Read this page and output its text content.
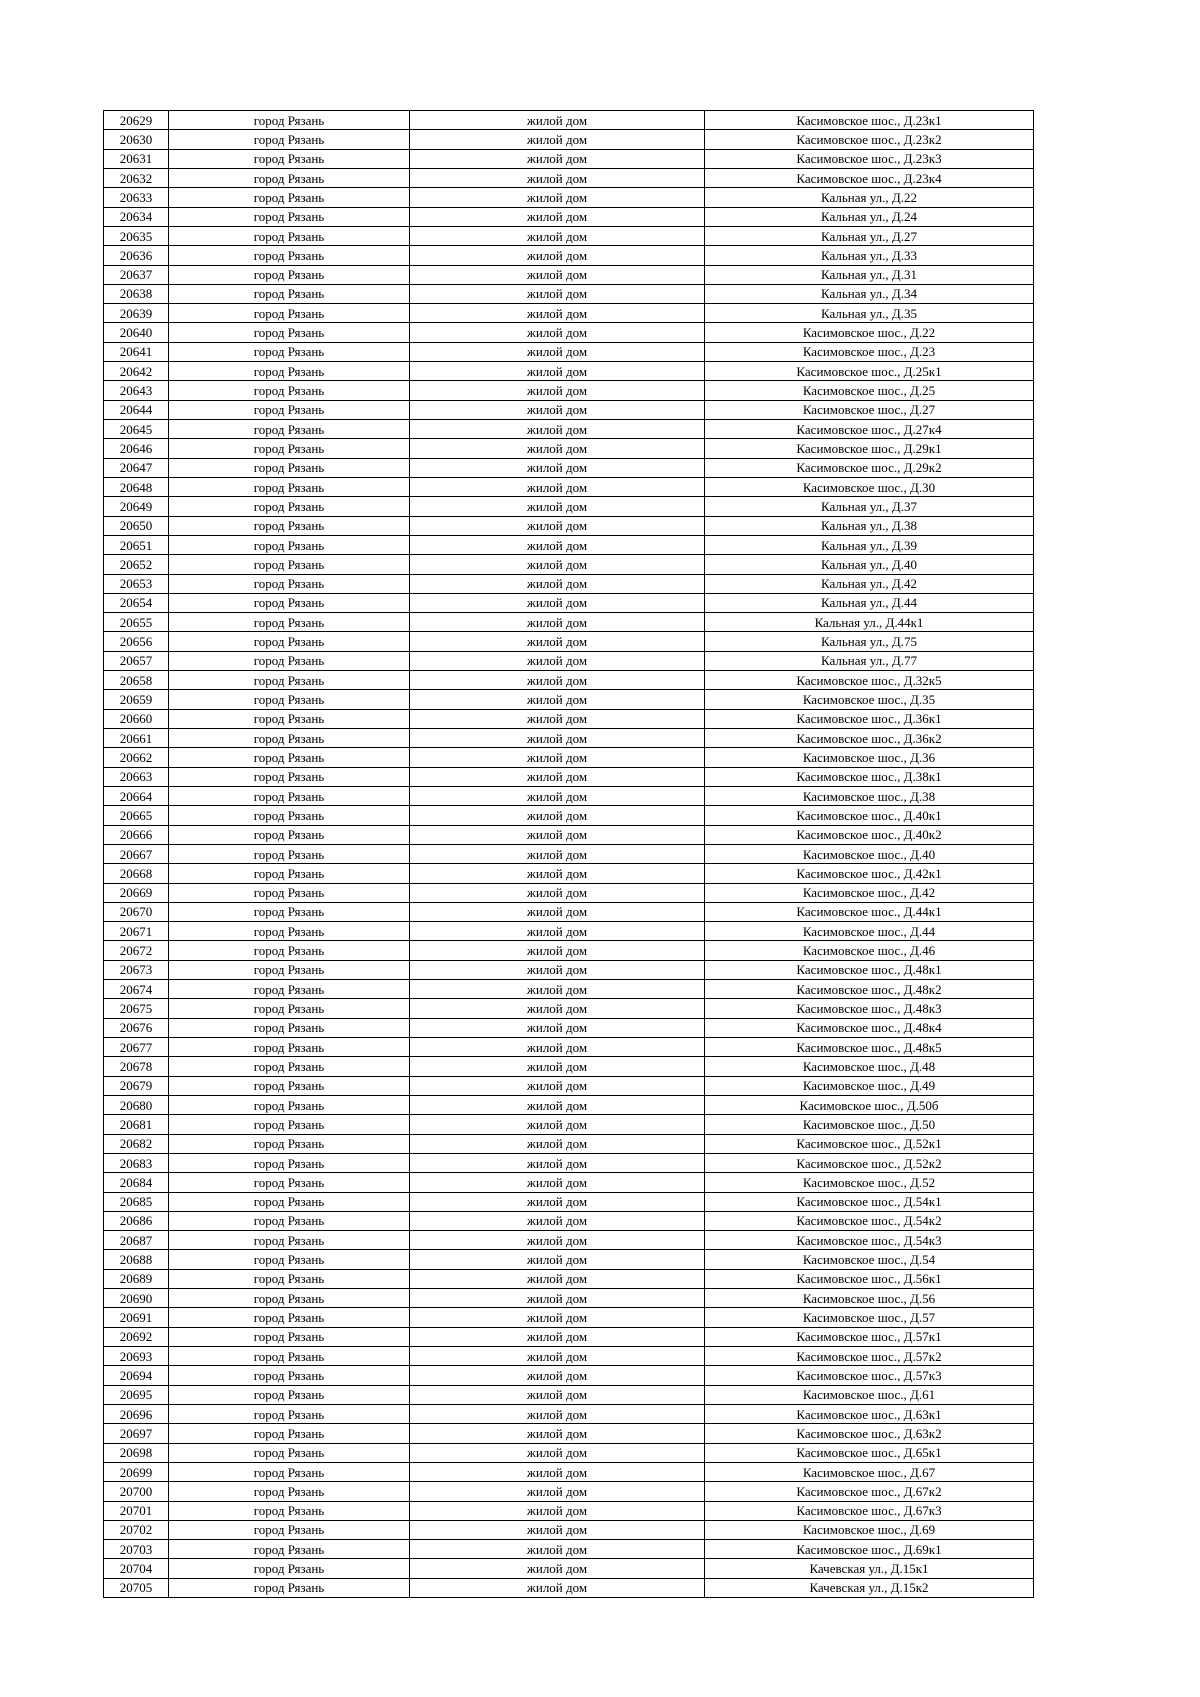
20629	город Рязань	жилой дом	Касимовское шос., Д.23к1
20630	город Рязань	жилой дом	Касимовское шос., Д.23к2
20631	город Рязань	жилой дом	Касимовское шос., Д.23к3
20632	город Рязань	жилой дом	Касимовское шос., Д.23к4
20633	город Рязань	жилой дом	Кальная ул., Д.22
20634	город Рязань	жилой дом	Кальная ул., Д.24
20635	город Рязань	жилой дом	Кальная ул., Д.27
20636	город Рязань	жилой дом	Кальная ул., Д.33
20637	город Рязань	жилой дом	Кальная ул., Д.31
20638	город Рязань	жилой дом	Кальная ул., Д.34
20639	город Рязань	жилой дом	Кальная ул., Д.35
20640	город Рязань	жилой дом	Касимовское шос., Д.22
20641	город Рязань	жилой дом	Касимовское шос., Д.23
20642	город Рязань	жилой дом	Касимовское шос., Д.25к1
20643	город Рязань	жилой дом	Касимовское шос., Д.25
20644	город Рязань	жилой дом	Касимовское шос., Д.27
20645	город Рязань	жилой дом	Касимовское шос., Д.27к4
20646	город Рязань	жилой дом	Касимовское шос., Д.29к1
20647	город Рязань	жилой дом	Касимовское шос., Д.29к2
20648	город Рязань	жилой дом	Касимовское шос., Д.30
20649	город Рязань	жилой дом	Кальная ул., Д.37
20650	город Рязань	жилой дом	Кальная ул., Д.38
20651	город Рязань	жилой дом	Кальная ул., Д.39
20652	город Рязань	жилой дом	Кальная ул., Д.40
20653	город Рязань	жилой дом	Кальная ул., Д.42
20654	город Рязань	жилой дом	Кальная ул., Д.44
20655	город Рязань	жилой дом	Кальная ул., Д.44к1
20656	город Рязань	жилой дом	Кальная ул., Д.75
20657	город Рязань	жилой дом	Кальная ул., Д.77
20658	город Рязань	жилой дом	Касимовское шос., Д.32к5
20659	город Рязань	жилой дом	Касимовское шос., Д.35
20660	город Рязань	жилой дом	Касимовское шос., Д.36к1
20661	город Рязань	жилой дом	Касимовское шос., Д.36к2
20662	город Рязань	жилой дом	Касимовское шос., Д.36
20663	город Рязань	жилой дом	Касимовское шос., Д.38к1
20664	город Рязань	жилой дом	Касимовское шос., Д.38
20665	город Рязань	жилой дом	Касимовское шос., Д.40к1
20666	город Рязань	жилой дом	Касимовское шос., Д.40к2
20667	город Рязань	жилой дом	Касимовское шос., Д.40
20668	город Рязань	жилой дом	Касимовское шос., Д.42к1
20669	город Рязань	жилой дом	Касимовское шос., Д.42
20670	город Рязань	жилой дом	Касимовское шос., Д.44к1
20671	город Рязань	жилой дом	Касимовское шос., Д.44
20672	город Рязань	жилой дом	Касимовское шос., Д.46
20673	город Рязань	жилой дом	Касимовское шос., Д.48к1
20674	город Рязань	жилой дом	Касимовское шос., Д.48к2
20675	город Рязань	жилой дом	Касимовское шос., Д.48к3
20676	город Рязань	жилой дом	Касимовское шос., Д.48к4
20677	город Рязань	жилой дом	Касимовское шос., Д.48к5
20678	город Рязань	жилой дом	Касимовское шос., Д.48
20679	город Рязань	жилой дом	Касимовское шос., Д.49
20680	город Рязань	жилой дом	Касимовское шос., Д.50б
20681	город Рязань	жилой дом	Касимовское шос., Д.50
20682	город Рязань	жилой дом	Касимовское шос., Д.52к1
20683	город Рязань	жилой дом	Касимовское шос., Д.52к2
20684	город Рязань	жилой дом	Касимовское шос., Д.52
20685	город Рязань	жилой дом	Касимовское шос., Д.54к1
20686	город Рязань	жилой дом	Касимовское шос., Д.54к2
20687	город Рязань	жилой дом	Касимовское шос., Д.54к3
20688	город Рязань	жилой дом	Касимовское шос., Д.54
20689	город Рязань	жилой дом	Касимовское шос., Д.56к1
20690	город Рязань	жилой дом	Касимовское шос., Д.56
20691	город Рязань	жилой дом	Касимовское шос., Д.57
20692	город Рязань	жилой дом	Касимовское шос., Д.57к1
20693	город Рязань	жилой дом	Касимовское шос., Д.57к2
20694	город Рязань	жилой дом	Касимовское шос., Д.57к3
20695	город Рязань	жилой дом	Касимовское шос., Д.61
20696	город Рязань	жилой дом	Касимовское шос., Д.63к1
20697	город Рязань	жилой дом	Касимовское шос., Д.63к2
20698	город Рязань	жилой дом	Касимовское шос., Д.65к1
20699	город Рязань	жилой дом	Касимовское шос., Д.67
20700	город Рязань	жилой дом	Касимовское шос., Д.67к2
20701	город Рязань	жилой дом	Касимовское шос., Д.67к3
20702	город Рязань	жилой дом	Касимовское шос., Д.69
20703	город Рязань	жилой дом	Касимовское шос., Д.69к1
20704	город Рязань	жилой дом	Качевская ул., Д.15к1
20705	город Рязань	жилой дом	Качевская ул., Д.15к2
